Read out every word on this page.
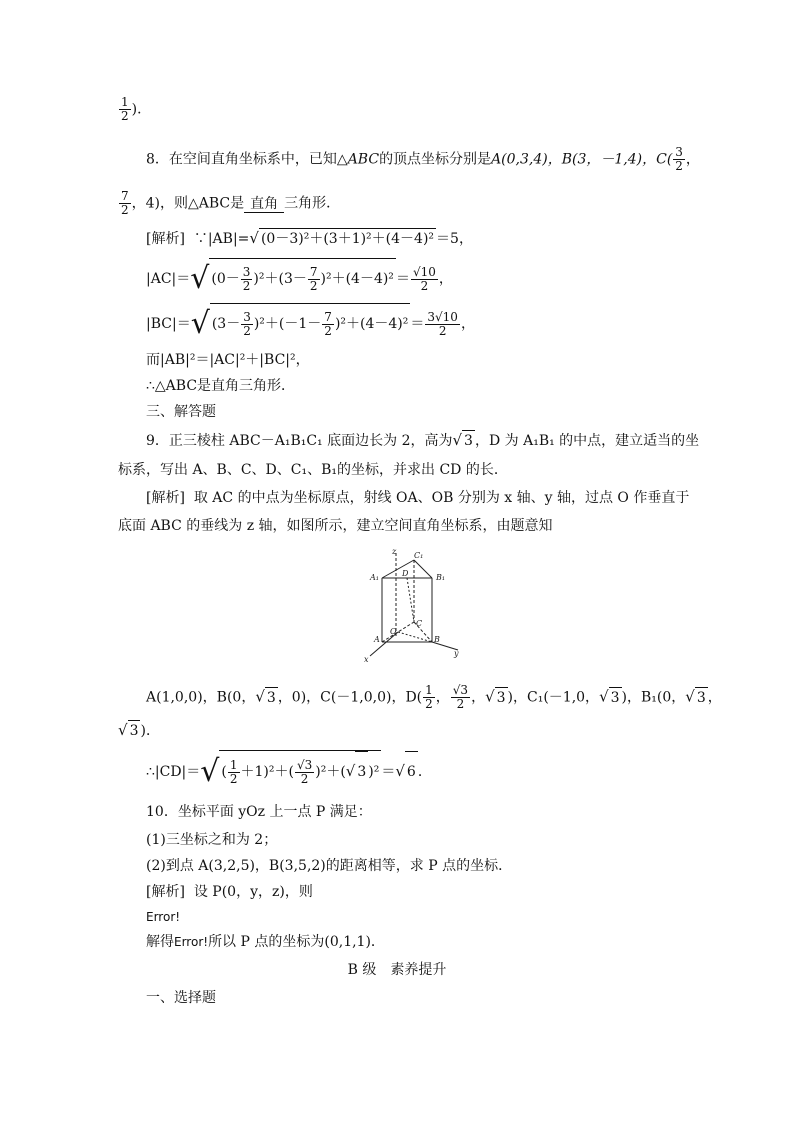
$\frac{1}{2}$ )．
8．在空间直角坐标系中，已知△ABC的顶点坐标分别是A(0,3,4)，B(3，－1,4)，$C( \frac{3}{2}$ ，
$\frac{7}{2}$ ，4)，则△ABC是 直角 三角形．
[解析] ∵|AB|=√ (0－3)²＋(3＋1)²＋(4－4)² ＝5，
|AC|＝√ $(0- \frac{3}{2} )^2+(3- \frac{7}{2} )^2+(4-4)^2 = \frac{√10}{2}$ ，
|BC|＝√ $(3- \frac{3}{2} )^2+(-1- \frac{7}{2} )^2+(4-4)^2 = \frac{3√10}{2}$ ，
而|AB|²＝|AC|²＋|BC|²，
∴△ABC是直角三角形．
三、解答题
9．正三棱柱 ABC－A₁B₁C₁ 底面边长为 2，高为√ 3 ，D 为 A₁B₁ 的中点，建立适当的坐
标系，写出 A、B、C、D、C₁、B₁的坐标，并求出 CD 的长．
[解析] 取 AC 的中点为坐标原点，射线 OA、OB 分别为 x 轴、y 轴，过点 O 作垂直于
底面 ABC 的垂线为 z 轴，如图所示，建立空间直角坐标系，由题意知
z
x
y
A₁	B₁
C₁
D
A	B
C
O
A(1,0,0)，B(0，√ 3 ，0)，C(－1,0,0)，$D( \frac{1}{2}$ ， $\frac{√3}{2}$ ，√ 3 )，C₁(－1,0，√ 3 )，B₁(0，√ 3 ，
√ 3 )．
∴|CD|＝√ ( $\frac{1}{2} +1)^2+( \frac{√3}{2} )^2+(√$ 3 )² ＝√ 6 ．
10．坐标平面 yOz 上一点 P 满足：
(1)三坐标之和为 2；
(2)到点 A(3,2,5)，B(3,5,2)的距离相等，求 P 点的坐标．
[解析] 设 P(0，y，z)，则
Error!
解得Error!所以 P 点的坐标为(0,1,1)．
B 级　素养提升
一、选择题
